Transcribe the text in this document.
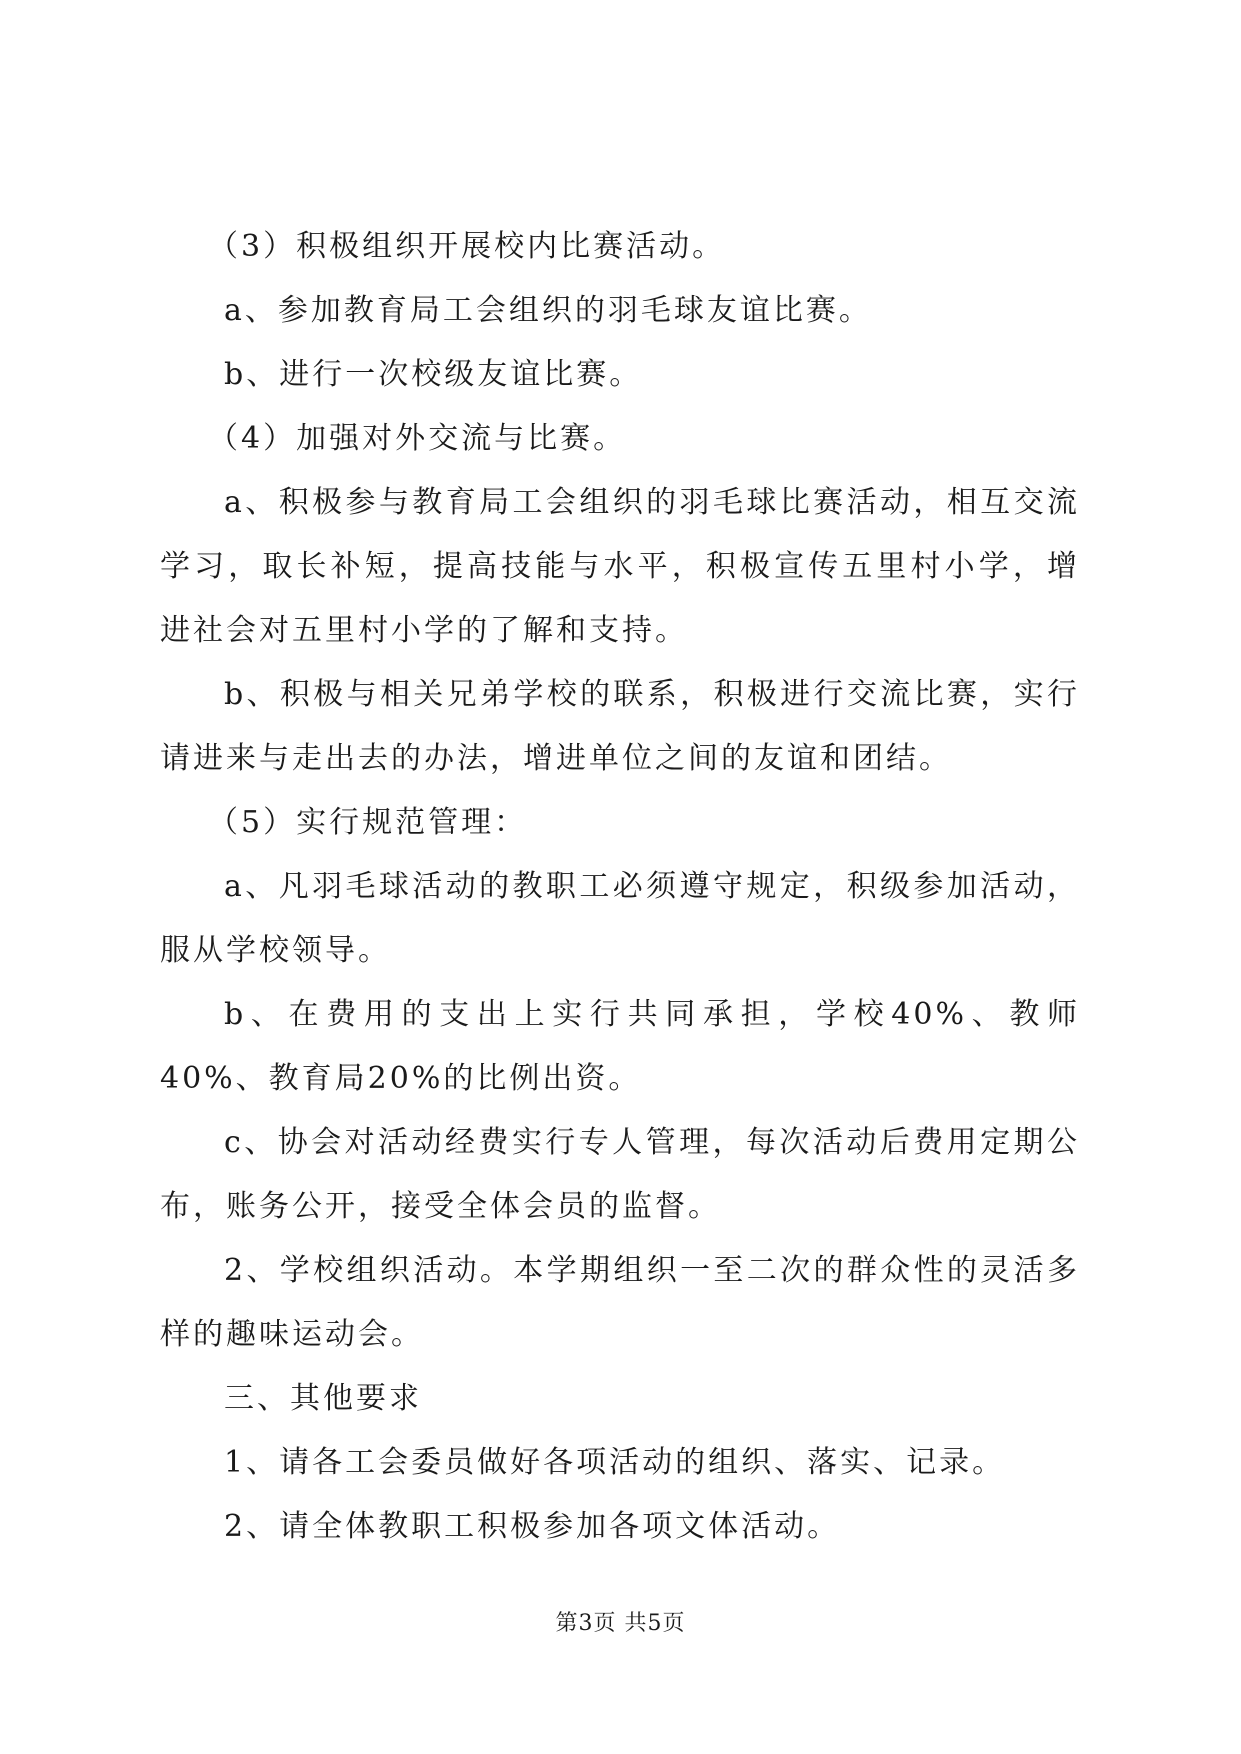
（3）积极组织开展校内比赛活动。

a、参加教育局工会组织的羽毛球友谊比赛。

b、进行一次校级友谊比赛。

（4）加强对外交流与比赛。

a、积极参与教育局工会组织的羽毛球比赛活动，相互交流学习，取长补短，提高技能与水平，积极宣传五里村小学，增进社会对五里村小学的了解和支持。

b、积极与相关兄弟学校的联系，积极进行交流比赛，实行请进来与走出去的办法，增进单位之间的友谊和团结。

（5）实行规范管理：

a、凡羽毛球活动的教职工必须遵守规定，积级参加活动，服从学校领导。

b、在费用的支出上实行共同承担，学校40%、教师40%、教育局20%的比例出资。

c、协会对活动经费实行专人管理，每次活动后费用定期公布，账务公开，接受全体会员的监督。

2、学校组织活动。本学期组织一至二次的群众性的灵活多样的趣味运动会。

三、其他要求

1、请各工会委员做好各项活动的组织、落实、记录。

2、请全体教职工积极参加各项文体活动。

第3页 共5页
